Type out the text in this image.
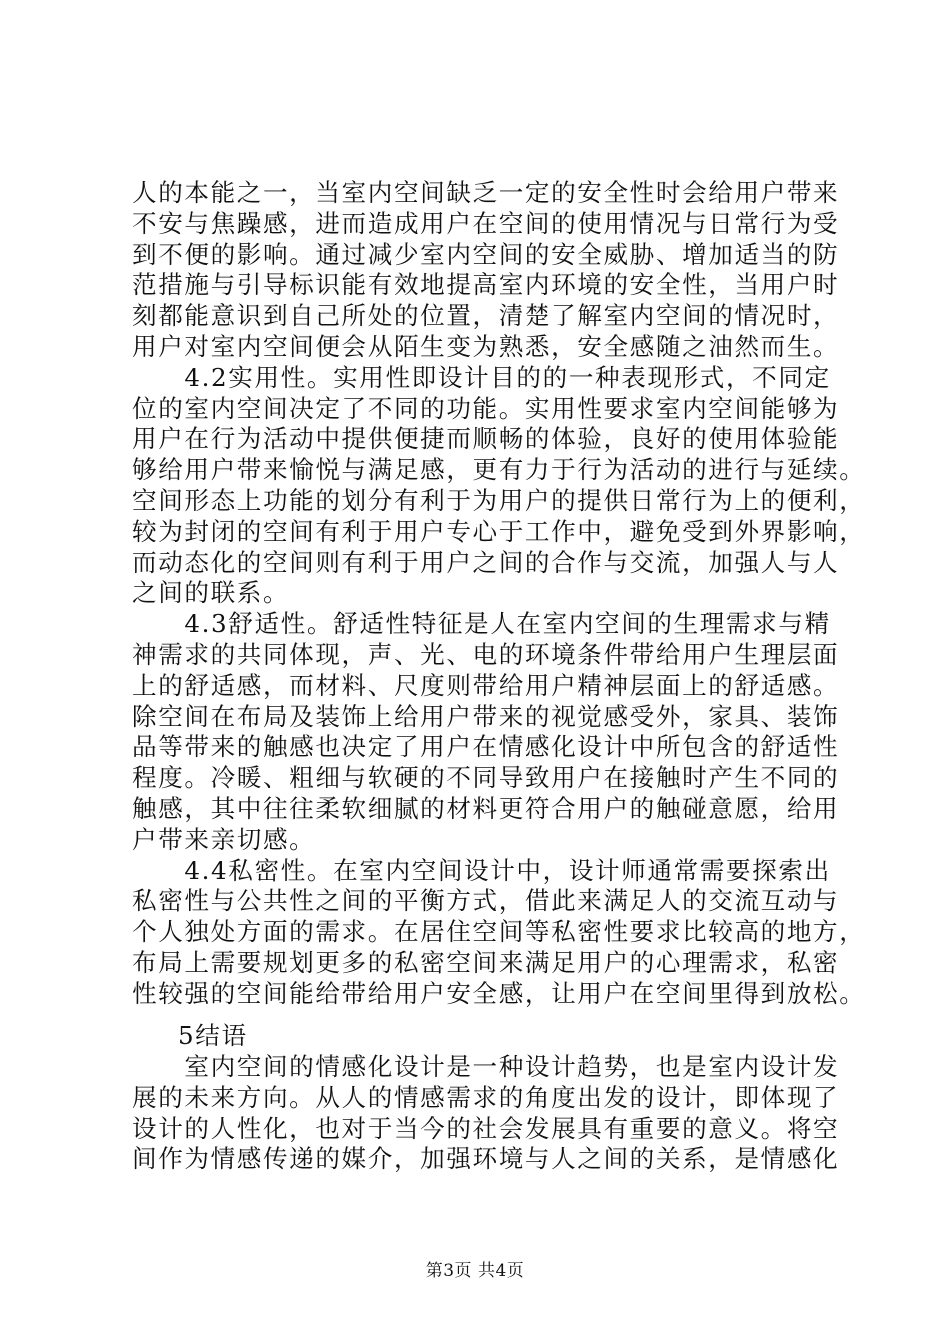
人的本能之一，当室内空间缺乏一定的安全性时会给用户带来
不安与焦躁感，进而造成用户在空间的使用情况与日常行为受
到不便的影响。通过减少室内空间的安全威胁、增加适当的防
范措施与引导标识能有效地提高室内环境的安全性，当用户时
刻都能意识到自己所处的位置，清楚了解室内空间的情况时，
用户对室内空间便会从陌生变为熟悉，安全感随之油然而生。
　　4.2实用性。实用性即设计目的的一种表现形式，不同定
位的室内空间决定了不同的功能。实用性要求室内空间能够为
用户在行为活动中提供便捷而顺畅的体验，良好的使用体验能
够给用户带来愉悦与满足感，更有力于行为活动的进行与延续。
空间形态上功能的划分有利于为用户的提供日常行为上的便利，
较为封闭的空间有利于用户专心于工作中，避免受到外界影响，
而动态化的空间则有利于用户之间的合作与交流，加强人与人
之间的联系。
　　4.3舒适性。舒适性特征是人在室内空间的生理需求与精
神需求的共同体现，声、光、电的环境条件带给用户生理层面
上的舒适感，而材料、尺度则带给用户精神层面上的舒适感。
除空间在布局及装饰上给用户带来的视觉感受外，家具、装饰
品等带来的触感也决定了用户在情感化设计中所包含的舒适性
程度。冷暖、粗细与软硬的不同导致用户在接触时产生不同的
触感，其中往往柔软细腻的材料更符合用户的触碰意愿，给用
户带来亲切感。
　　4.4私密性。在室内空间设计中，设计师通常需要探索出
私密性与公共性之间的平衡方式，借此来满足人的交流互动与
个人独处方面的需求。在居住空间等私密性要求比较高的地方，
布局上需要规划更多的私密空间来满足用户的心理需求，私密
性较强的空间能给带给用户安全感，让用户在空间里得到放松。
5结语
　　室内空间的情感化设计是一种设计趋势，也是室内设计发
展的未来方向。从人的情感需求的角度出发的设计，即体现了
设计的人性化，也对于当今的社会发展具有重要的意义。将空
间作为情感传递的媒介，加强环境与人之间的关系，是情感化
第3页 共4页
